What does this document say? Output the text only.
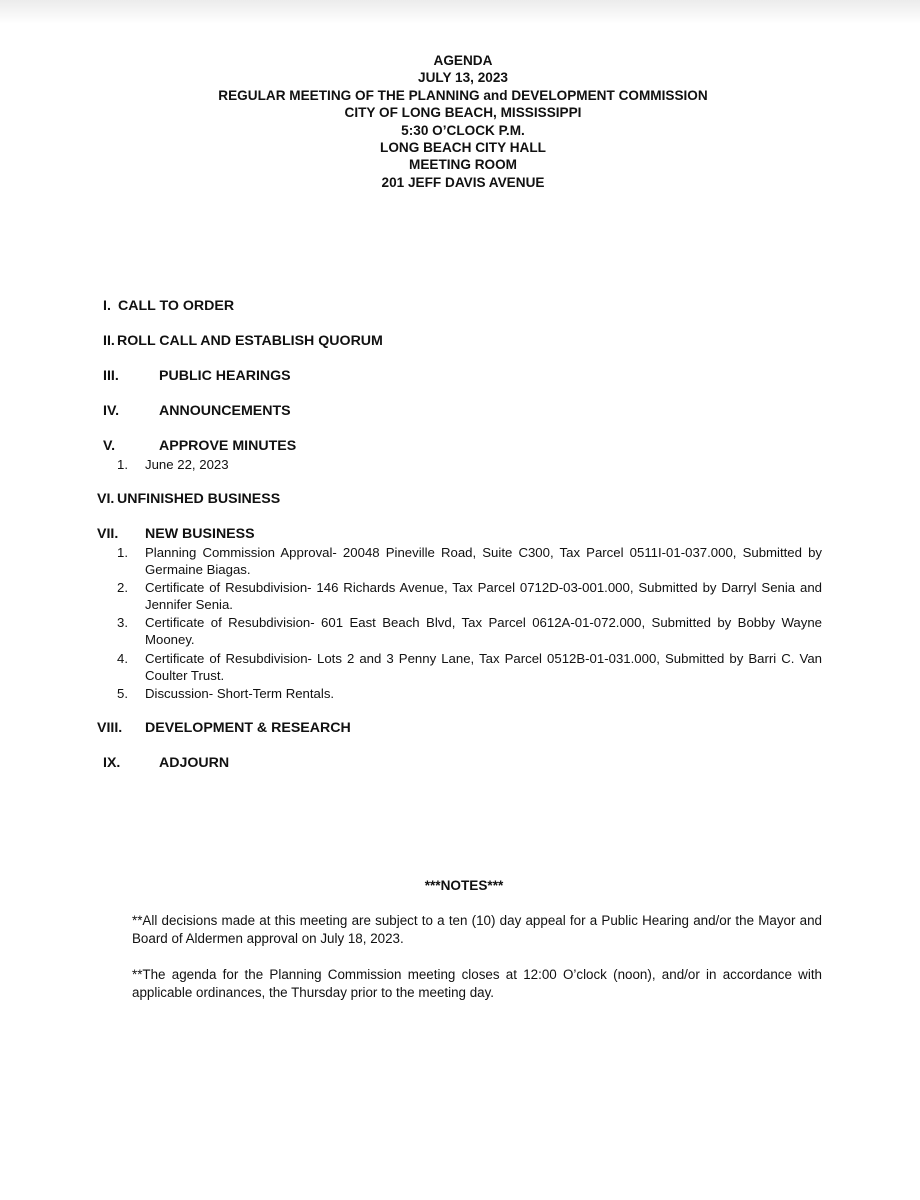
AGENDA
JULY 13, 2023
REGULAR MEETING OF THE PLANNING and DEVELOPMENT COMMISSION
CITY OF LONG BEACH, MISSISSIPPI
5:30 O’CLOCK P.M.
LONG BEACH CITY HALL
MEETING ROOM
201 JEFF DAVIS AVENUE
I. CALL TO ORDER
II. ROLL CALL AND ESTABLISH QUORUM
III.	PUBLIC HEARINGS
IV.	ANNOUNCEMENTS
V.	APPROVE MINUTES
1. June 22, 2023
VI. UNFINISHED BUSINESS
VII. NEW BUSINESS
1. Planning Commission Approval- 20048 Pineville Road, Suite C300, Tax Parcel 0511I-01-037.000, Submitted by Germaine Biagas.
2. Certificate of Resubdivision- 146 Richards Avenue, Tax Parcel 0712D-03-001.000, Submitted by Darryl Senia and Jennifer Senia.
3. Certificate of Resubdivision- 601 East Beach Blvd, Tax Parcel 0612A-01-072.000, Submitted by Bobby Wayne Mooney.
4. Certificate of Resubdivision- Lots 2 and 3 Penny Lane, Tax Parcel 0512B-01-031.000, Submitted by Barri C. Van Coulter Trust.
5. Discussion- Short-Term Rentals.
VIII. DEVELOPMENT & RESEARCH
IX.	ADJOURN
***NOTES***
**All decisions made at this meeting are subject to a ten (10) day appeal for a Public Hearing and/or the Mayor and Board of Aldermen approval on July 18, 2023.
**The agenda for the Planning Commission meeting closes at 12:00 O’clock (noon), and/or in accordance with applicable ordinances, the Thursday prior to the meeting day.
